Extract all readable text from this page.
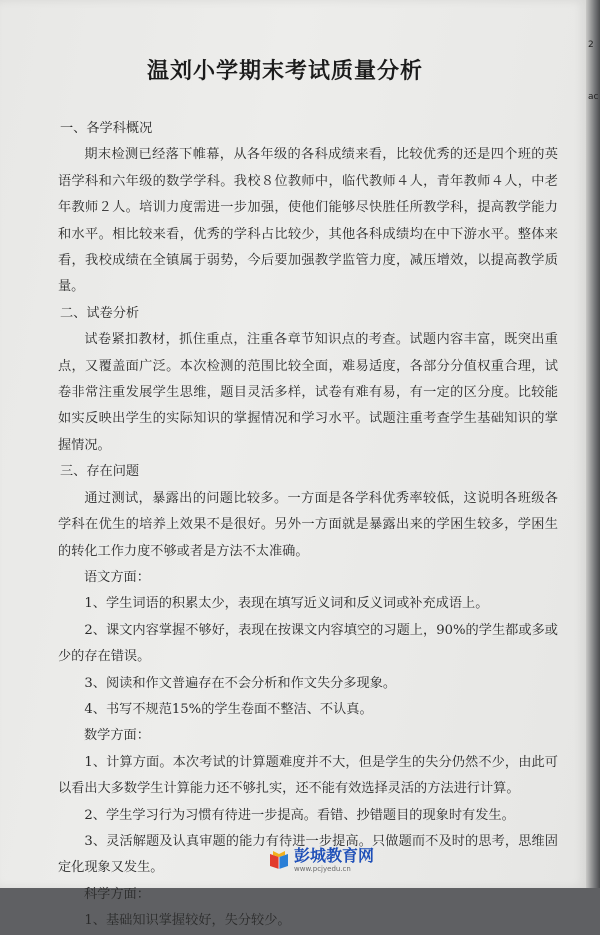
温刘小学期末考试质量分析
一、各学科概况
期末检测已经落下帷幕，从各年级的各科成绩来看，比较优秀的还是四个班的英语学科和六年级的数学学科。我校８位教师中，临代教师４人，青年教师４人，中老年教师２人。培训力度需进一步加强，使他们能够尽快胜任所教学科，提高教学能力和水平。相比较来看，优秀的学科占比较少，其他各科成绩均在中下游水平。整体来看，我校成绩在全镇属于弱势，今后要加强教学监管力度，减压增效，以提高教学质量。
二、试卷分析
试卷紧扣教材，抓住重点，注重各章节知识点的考查。试题内容丰富，既突出重点，又覆盖面广泛。本次检测的范围比较全面，难易适度，各部分分值权重合理，试卷非常注重发展学生思维，题目灵活多样，试卷有难有易，有一定的区分度。比较能如实反映出学生的实际知识的掌握情况和学习水平。试题注重考查学生基础知识的掌握情况。
三、存在问题
通过测试，暴露出的问题比较多。一方面是各学科优秀率较低，这说明各班级各学科在优生的培养上效果不是很好。另外一方面就是暴露出来的学困生较多，学困生的转化工作力度不够或者是方法不太准确。
语文方面：
1、学生词语的积累太少，表现在填写近义词和反义词或补充成语上。
2、课文内容掌握不够好，表现在按课文内容填空的习题上，90%的学生都或多或少的存在错误。
3、阅读和作文普遍存在不会分析和作文失分多现象。
4、书写不规范15%的学生卷面不整洁、不认真。
数学方面：
1、计算方面。本次考试的计算题难度并不大，但是学生的失分仍然不少，由此可以看出大多数学生计算能力还不够扎实，还不能有效选择灵活的方法进行计算。
2、学生学习行为习惯有待进一步提高。看错、抄错题目的现象时有发生。
3、灵活解题及认真审题的能力有待进一步提高。只做题而不及时的思考，思维固定化现象又发生。
科学方面：
1、基础知识掌握较好，失分较少。
彭城教育网
www.pcjyedu.cn
2
ac
